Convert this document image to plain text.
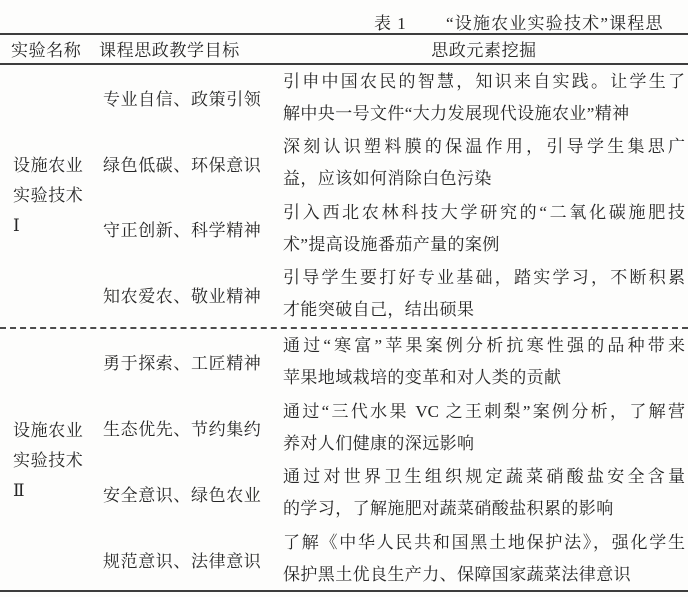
表 1 “设施农业实验技术”课程思
实验名称 课程思政教学目标	思政元素挖掘
设施农业
实验技术
Ⅰ
专业自信、政策引领
引申中国农民的智慧，知识来自实践。让学生了
解中央一号文件“大力发展现代设施农业”精神
绿色低碳、环保意识
深刻认识塑料膜的保温作用，引导学生集思广
益，应该如何消除白色污染
守正创新、科学精神
引入西北农林科技大学研究的“二氧化碳施肥技
术”提高设施番茄产量的案例
知农爱农、敬业精神
引导学生要打好专业基础，踏实学习，不断积累
才能突破自己，结出硕果
设施农业
实验技术
Ⅱ
勇于探索、工匠精神
通过“寒富”苹果案例分析抗寒性强的品种带来
苹果地域栽培的变革和对人类的贡献
生态优先、节约集约
通过“三代水果 VC 之王刺梨”案例分析，了解营
养对人们健康的深远影响
安全意识、绿色农业
通过对世界卫生组织规定蔬菜硝酸盐安全含量
的学习，了解施肥对蔬菜硝酸盐积累的影响
规范意识、法律意识
了解《中华人民共和国黑土地保护法》，强化学生
保护黑土优良生产力、保障国家蔬菜法律意识
